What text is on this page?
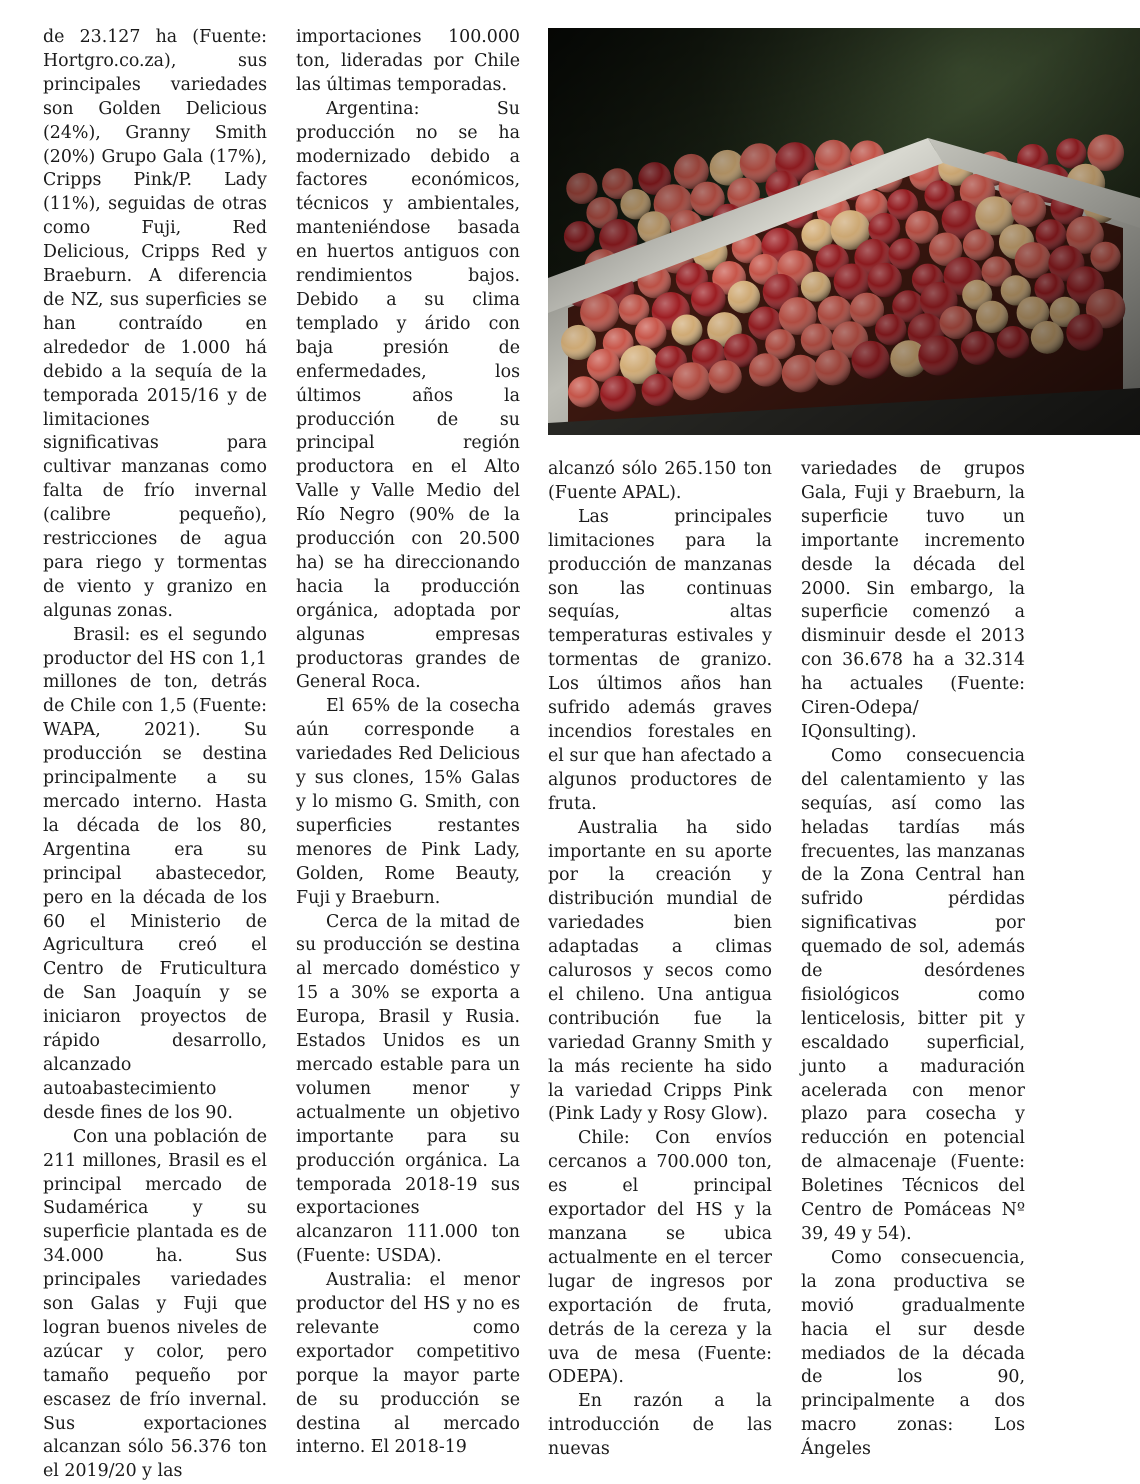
de 23.127 ha (Fuente: Hortgro.co.za), sus principales variedades son Golden Delicious (24%), Granny Smith (20%) Grupo Gala (17%), Cripps Pink/P. Lady (11%), seguidas de otras como Fuji, Red Delicious, Cripps Red y Braeburn. A diferencia de NZ, sus superficies se han contraído en alrededor de 1.000 há debido a la sequía de la temporada 2015/16 y de limitaciones significativas para cultivar manzanas como falta de frío invernal (calibre pequeño), restricciones de agua para riego y tormentas de viento y granizo en algunas zonas.

Brasil: es el segundo productor del HS con 1,1 millones de ton, detrás de Chile con 1,5 (Fuente: WAPA, 2021). Su producción se destina principalmente a su mercado interno. Hasta la década de los 80, Argentina era su principal abastecedor, pero en la década de los 60 el Ministerio de Agricultura creó el Centro de Fruticultura de San Joaquín y se iniciaron proyectos de rápido desarrollo, alcanzado autoabastecimiento desde fines de los 90.

Con una población de 211 millones, Brasil es el principal mercado de Sudamérica y su superficie plantada es de 34.000 ha. Sus principales variedades son Galas y Fuji que logran buenos niveles de azúcar y color, pero tamaño pequeño por escasez de frío invernal. Sus exportaciones alcanzan sólo 56.376 ton el 2019/20 y las

importaciones 100.000 ton, lideradas por Chile las últimas temporadas.

Argentina: Su producción no se ha modernizado debido a factores económicos, técnicos y ambientales, manteniéndose basada en huertos antiguos con rendimientos bajos. Debido a su clima templado y árido con baja presión de enfermedades, los últimos años la producción de su principal región productora en el Alto Valle y Valle Medio del Río Negro (90% de la producción con 20.500 ha) se ha direccionando hacia la producción orgánica, adoptada por algunas empresas productoras grandes de General Roca.

El 65% de la cosecha aún corresponde a variedades Red Delicious y sus clones, 15% Galas y lo mismo G. Smith, con superficies restantes menores de Pink Lady, Golden, Rome Beauty, Fuji y Braeburn.

Cerca de la mitad de su producción se destina al mercado doméstico y 15 a 30% se exporta a Europa, Brasil y Rusia. Estados Unidos es un mercado estable para un volumen menor y actualmente un objetivo importante para su producción orgánica. La temporada 2018-19 sus exportaciones alcanzaron 111.000 ton (Fuente: USDA).

Australia: el menor productor del HS y no es relevante como exportador competitivo porque la mayor parte de su producción se destina al mercado interno. El 2018-19

alcanzó sólo 265.150 ton (Fuente APAL).

Las principales limitaciones para la producción de manzanas son las continuas sequías, altas temperaturas estivales y tormentas de granizo. Los últimos años han sufrido además graves incendios forestales en el sur que han afectado a algunos productores de fruta.

Australia ha sido importante en su aporte por la creación y distribución mundial de variedades bien adaptadas a climas calurosos y secos como el chileno. Una antigua contribución fue la variedad Granny Smith y la más reciente ha sido la variedad Cripps Pink (Pink Lady y Rosy Glow).

Chile: Con envíos cercanos a 700.000 ton, es el principal exportador del HS y la manzana se ubica actualmente en el tercer lugar de ingresos por exportación de fruta, detrás de la cereza y la uva de mesa (Fuente: ODEPA).

En razón a la introducción de las nuevas

variedades de grupos Gala, Fuji y Braeburn, la superficie tuvo un importante incremento desde la década del 2000. Sin embargo, la superficie comenzó a disminuir desde el 2013 con 36.678 ha a 32.314 ha actuales (Fuente: Ciren-Odepa/ IQonsulting).

Como consecuencia del calentamiento y las sequías, así como las heladas tardías más frecuentes, las manzanas de la Zona Central han sufrido pérdidas significativas por quemado de sol, además de desórdenes fisiológicos como lenticelosis, bitter pit y escaldado superficial, junto a maduración acelerada con menor plazo para cosecha y reducción en potencial de almacenaje (Fuente: Boletines Técnicos del Centro de Pomáceas Nº 39, 49 y 54).

Como consecuencia, la zona productiva se movió gradualmente hacia el sur desde mediados de la década de los 90, principalmente a dos macro zonas: Los Ángeles
